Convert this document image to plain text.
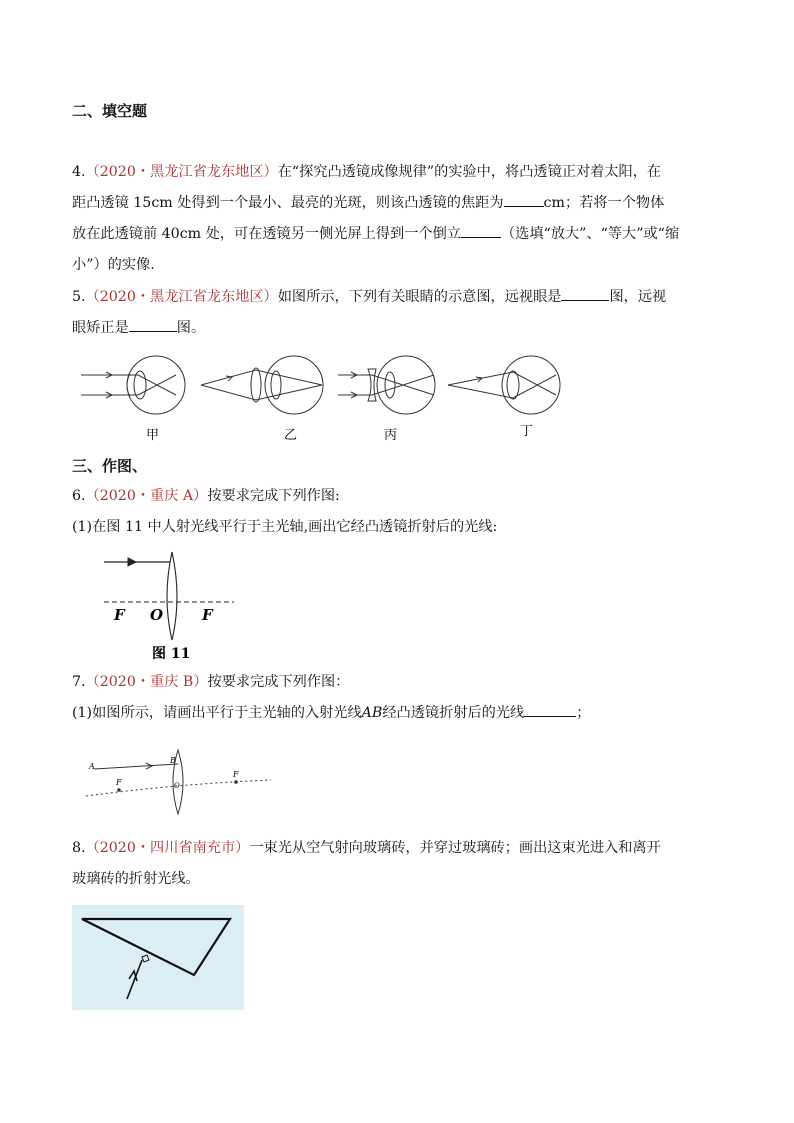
二、填空题
4.（2020・黑龙江省龙东地区）在“探究凸透镜成像规律”的实验中，将凸透镜正对着太阳，在
距凸透镜 15cm 处得到一个最小、最亮的光斑，则该凸透镜的焦距为	cm；若将一个物体
放在此透镜前 40cm 处，可在透镜另一侧光屏上得到一个倒立	（选填“放大”、“等大”或“缩
小”）的实像.
5.（2020・黑龙江省龙东地区）如图所示，下列有关眼睛的示意图，远视眼是	图，远视
眼矫正是	图。
甲	乙	丙	丁
三、作图、
6.（2020・重庆 A）按要求完成下列作图:
(1)在图 11 中人射光线平行于主光轴,画出它经凸透镜折射后的光线:
F O	F
图 11
7.（2020・重庆 B）按要求完成下列作图：
(1)如图所示，请画出平行于主光轴的入射光线AB经凸透镜折射后的光线	；
A
B
F	O
F
8.（2020・四川省南充市）一束光从空气射向玻璃砖，并穿过玻璃砖；画出这束光进入和离开
玻璃砖的折射光线。
